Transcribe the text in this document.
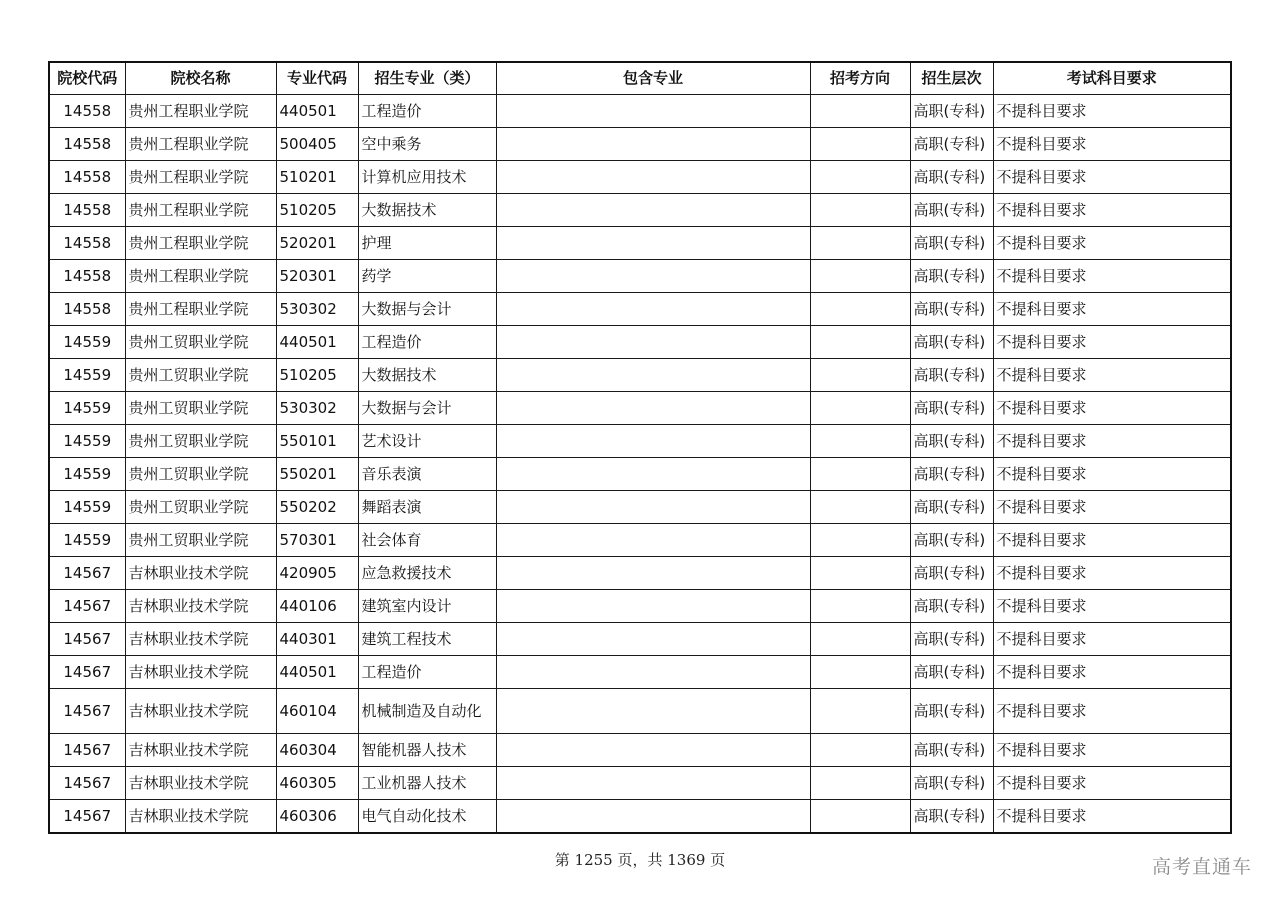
院校代码	院校名称	专业代码	招生专业（类）	包含专业	招考方向	招生层次	考试科目要求
14558	贵州工程职业学院	440501	工程造价			高职(专科)	不提科目要求
14558	贵州工程职业学院	500405	空中乘务			高职(专科)	不提科目要求
14558	贵州工程职业学院	510201	计算机应用技术			高职(专科)	不提科目要求
14558	贵州工程职业学院	510205	大数据技术			高职(专科)	不提科目要求
14558	贵州工程职业学院	520201	护理			高职(专科)	不提科目要求
14558	贵州工程职业学院	520301	药学			高职(专科)	不提科目要求
14558	贵州工程职业学院	530302	大数据与会计			高职(专科)	不提科目要求
14559	贵州工贸职业学院	440501	工程造价			高职(专科)	不提科目要求
14559	贵州工贸职业学院	510205	大数据技术			高职(专科)	不提科目要求
14559	贵州工贸职业学院	530302	大数据与会计			高职(专科)	不提科目要求
14559	贵州工贸职业学院	550101	艺术设计			高职(专科)	不提科目要求
14559	贵州工贸职业学院	550201	音乐表演			高职(专科)	不提科目要求
14559	贵州工贸职业学院	550202	舞蹈表演			高职(专科)	不提科目要求
14559	贵州工贸职业学院	570301	社会体育			高职(专科)	不提科目要求
14567	吉林职业技术学院	420905	应急救援技术			高职(专科)	不提科目要求
14567	吉林职业技术学院	440106	建筑室内设计			高职(专科)	不提科目要求
14567	吉林职业技术学院	440301	建筑工程技术			高职(专科)	不提科目要求
14567	吉林职业技术学院	440501	工程造价			高职(专科)	不提科目要求
14567	吉林职业技术学院	460104	机械制造及自动化			高职(专科)	不提科目要求
14567	吉林职业技术学院	460304	智能机器人技术			高职(专科)	不提科目要求
14567	吉林职业技术学院	460305	工业机器人技术			高职(专科)	不提科目要求
14567	吉林职业技术学院	460306	电气自动化技术			高职(专科)	不提科目要求
第 1255 页，共 1369 页	高考直通车
